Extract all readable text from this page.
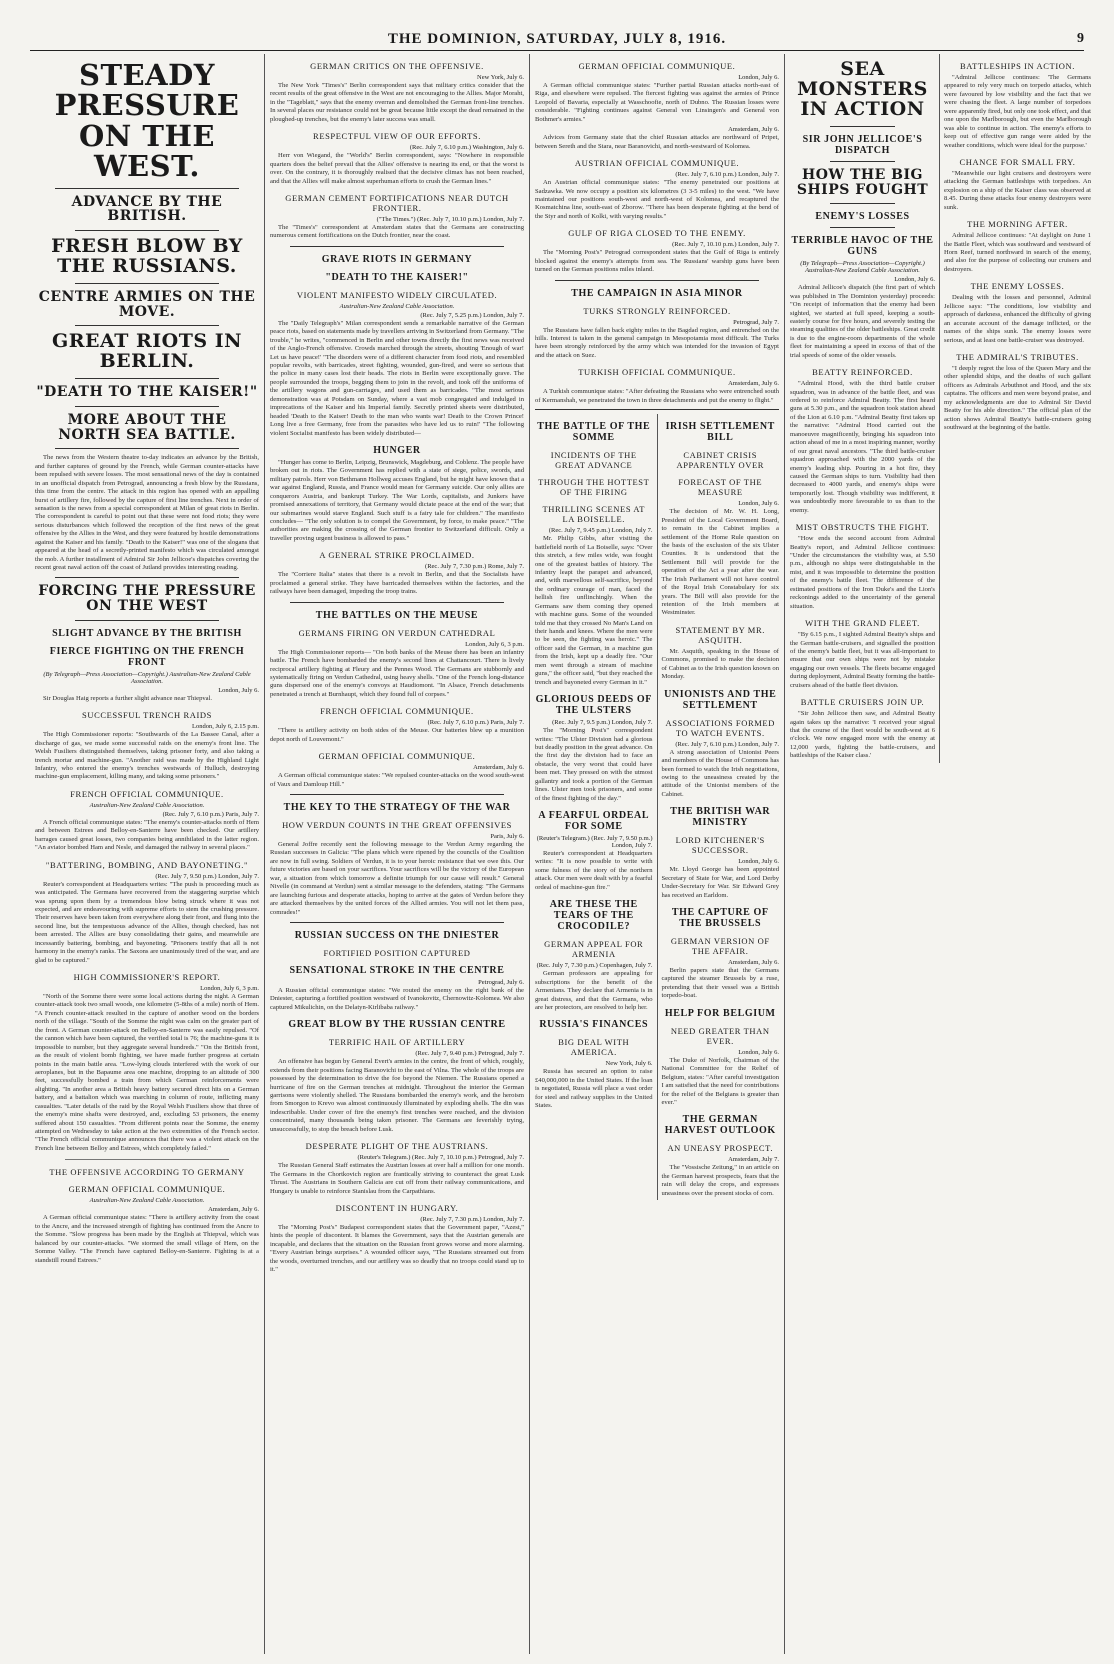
THE DOMINION, SATURDAY, JULY 8, 1916.	9
STEADY PRESSURE ON THE WEST.
ADVANCE BY THE BRITISH.
FRESH BLOW BY THE RUSSIANS.
CENTRE ARMIES ON THE MOVE.
GREAT RIOTS IN BERLIN.
"DEATH TO THE KAISER!"
MORE ABOUT THE NORTH SEA BATTLE.

The news from the Western theatre to-day indicates an advance by the British, and further captures of ground by the French, while German counter-attacks have been repulsed with severe losses. The most sensational news of the day is contained in an unofficial dispatch from Petrograd, announcing a fresh blow by the Russians, this time from the centre. The attack in this region has opened with an appalling burst of artillery fire, followed by the capture of first line trenches. Next in order of sensation is the news from a special correspondent at Milan of great riots in Berlin. The correspondent is careful to point out that these were not food riots; they were serious disturbances which followed the reception of the first news of the great offensive by the Allies in the West, and they were featured by hostile demonstrations against the Kaiser and his family. "Death to the Kaiser!" was one of the slogans that appeared at the head of a secretly-printed manifesto which was circulated amongst the mob. A further installment of Admiral Sir John Jellicoe's dispatches covering the recent great naval action off the coast of Jutland provides interesting reading.

FORCING THE PRESSURE ON THE WEST
SLIGHT ADVANCE BY THE BRITISH
FIERCE FIGHTING ON THE FRENCH FRONT
(By Telegraph—Press Association—Copyright.) Australian-New Zealand Cable Association.
London, July 6.

Sir Douglas Haig reports a further slight advance near Thiepval.

SUCCESSFUL TRENCH RAIDS
London, July 6, 2.15 p.m.

The High Commissioner reports: "Southwards of the La Bassee Canal, after a discharge of gas, we made some successful raids on the enemy's front line. The Welsh Fusiliers distinguished themselves, taking prisoner forty, and also taking a trench mortar and machine-gun. "Another raid was made by the Highland Light Infantry, who entered the enemy's trenches westwards of Hulluch, destroying machine-gun emplacement, killing many, and taking some prisoners."

FRENCH OFFICIAL COMMUNIQUE.
Australian-New Zealand Cable Association.
(Rec. July 7, 6.10 p.m.) Paris, July 7.

A French official communique states: "The enemy's counter-attacks north of Hem and between Estrees and Belloy-en-Santerre have been checked. Our artillery barrages caused great losses, two companies being annihilated in the latter region. "An aviator bombed Ham and Nesle, and damaged the railway in several places."

"BATTERING, BOMBING, AND BAYONETING."
(Rec. July 7, 9.50 p.m.) London, July 7.

Reuter's correspondent at Headquarters writes: "The push is proceeding much as was anticipated. The Germans have recovered from the staggering surprise which was sprung upon them by a tremendous blow being struck where it was not expected, and are endeavouring with supreme efforts to stem the crushing pressure. Their reserves have been taken from everywhere along their front, and flung into the second line, but the tempestuous advance of the Allies, though checked, has not been arrested. The Allies are busy consolidating their gains, and meanwhile are incessantly battering, bombing, and bayoneting. "Prisoners testify that all is not harmony in the enemy's ranks. The Saxons are unanimously tired of the war, and are glad to be captured."

HIGH COMMISSIONER'S REPORT.
London, July 6, 3 p.m.

"North of the Somme there were some local actions during the night. A German counter-attack took two small woods, one kilometre (5-8ths of a mile) north of Hem. "A French counter-attack resulted in the capture of another wood on the borders north of the village. "South of the Somme the night was calm on the greater part of the front. A German counter-attack on Belloy-en-Santerre was easily repulsed. "Of the cannon which have been captured, the verified total is 76; the machine-guns it is impossible to number, but they aggregate several hundreds." "On the British front, as the result of violent bomb fighting, we have made further progress at certain points in the main battle area. "Low-lying clouds interfered with the work of our aeroplanes, but in the Bapaume area one machine, dropping to an altitude of 300 feet, successfully bombed a train from which German reinforcements were alighting. "In another area a British heavy battery secured direct hits on a German battery, and a battalion which was marching in column of route, inflicting many casualties. "Later details of the raid by the Royal Welsh Fusiliers show that three of the enemy's mine shafts were destroyed, and, excluding 53 prisoners, the enemy suffered about 150 casualties. "From different points near the Somme, the enemy attempted on Wednesday to take action at the two extremities of the French sector. "The French official communique announces that there was a violent attack on the French line between Belloy and Estrees, which completely failed."

THE OFFENSIVE ACCORDING TO GERMANY
GERMAN OFFICIAL COMMUNIQUE.
Australian-New Zealand Cable Association.
Amsterdam, July 6.

A German official communique states: "There is artillery activity from the coast to the Ancre, and the increased strength of fighting has continued from the Ancre to the Somme. "Slow progress has been made by the English at Thiepval, which was balanced by our counter-attacks. "We stormed the small village of Hem, on the Somme Valley. "The French have captured Belloy-en-Santerre. Fighting is at a standstill round Estrees."

GERMAN CRITICS ON THE OFFENSIVE.
New York, July 6.

The New York "Times's" Berlin correspondent says that military critics consider that the recent results of the great offensive in the West are not encouraging to the Allies. Major Moraht, in the "Tageblatt," says that the enemy overran and demolished the German front-line trenches. In several places our resistance could not be great because little except the dead remained in the ploughed-up trenches, but the enemy's later success was small.

RESPECTFUL VIEW OF OUR EFFORTS.
(Rec. July 7, 6.10 p.m.) Washington, July 6.

Herr von Wiegand, the "World's" Berlin correspondent, says: "Nowhere in responsible quarters does the belief prevail that the Allies' offensive is nearing its end, or that the worst is over. On the contrary, it is thoroughly realised that the decisive climax has not been reached, and that the Allies will make almost superhuman efforts to crush the German lines."

GERMAN CEMENT FORTIFICATIONS NEAR DUTCH FRONTIER.
("The Times.") (Rec. July 7, 10.10 p.m.) London, July 7.

The "Times's" correspondent at Amsterdam states that the Germans are constructing numerous cement fortifications on the Dutch frontier, near the coast.

GRAVE RIOTS IN GERMANY
"DEATH TO THE KAISER!"
VIOLENT MANIFESTO WIDELY CIRCULATED.
Australian-New Zealand Cable Association.
(Rec. July 7, 5.25 p.m.) London, July 7.

The "Daily Telegraph's" Milan correspondent sends a remarkable narrative of the German peace riots, based on statements made by travellers arriving in Switzerland from Germany. "The trouble," he writes, "commenced in Berlin and other towns directly the first news was received of the Anglo-French offensive. Crowds marched through the streets, shouting 'Enough of war! Let us have peace!' "The disorders were of a different character from food riots, and resembled popular revolts, with barricades, street fighting, wounded, gun-fired, and were so serious that the police in many cases lost their heads. The riots in Berlin were exceptionally grave. The people surrounded the troops, begging them to join in the revolt, and took off the uniforms of the artillery wagons and gun-carriages, and used them as barricades. "The most serious demonstration was at Potsdam on Sunday, where a vast mob congregated and indulged in imprecations of the Kaiser and his Imperial family. Secretly printed sheets were distributed, headed 'Death to the Kaiser! Death to the man who wants war! Death to the Crown Prince! Long live a free Germany, free from the parasites who have led us to ruin!' "The following violent Socialist manifesto has been widely distributed—

HUNGER

"Hunger has come to Berlin, Leipzig, Brunswick, Magdeburg, and Coblenz. The people have broken out in riots. The Government has replied with a state of siege, police, swords, and military patrols. Herr von Bethmann Hollweg accuses England, but he might have known that a war against England, Russia, and France would mean for Germany suicide. Our only allies are conquerors Austria, and bankrupt Turkey. The War Lords, capitalists, and Junkers have promised annexations of territory, that Germany would dictate peace at the end of the war; that our submarines would starve England. Such stuff is a fairy tale for children." The manifesto concludes— "The only solution is to compel the Government, by force, to make peace." "The authorities are making the crossing of the German frontier to Switzerland difficult. Only a traveller proving urgent business is allowed to pass."

A GENERAL STRIKE PROCLAIMED.
(Rec. July 7, 7.30 p.m.) Rome, July 7.

The "Corriere Italia" states that there is a revolt in Berlin, and that the Socialists have proclaimed a general strike. They have barricaded themselves within the factories, and the railways have been damaged, impeding the troop trains.

THE BATTLES ON THE MEUSE
GERMANS FIRING ON VERDUN CATHEDRAL
London, July 6, 3 p.m.

The High Commissioner reports— "On both banks of the Meuse there has been an infantry battle. The French have bombarded the enemy's second lines at Chattancourt. There is lively reciprocal artillery fighting at Fleury and the Pennes Wood. The Germans are stubbornly and systematically firing on Verdun Cathedral, using heavy shells. "One of the French long-distance guns dispersed one of the enemy's convoys at Haudiomont. "In Alsace, French detachments penetrated a trench at Burnhaupt, which they found full of corpses."

FRENCH OFFICIAL COMMUNIQUE.
(Rec. July 7, 6.10 p.m.) Paris, July 7.

"There is artillery activity on both sides of the Meuse. Our batteries blew up a munition depot north of Louvemont."

GERMAN OFFICIAL COMMUNIQUE.
Amsterdam, July 6.

A German official communique states: "We repulsed counter-attacks on the wood south-west of Vaux and Damloup Hill."

THE KEY TO THE STRATEGY OF THE WAR
HOW VERDUN COUNTS IN THE GREAT OFFENSIVES
Paris, July 6.

General Joffre recently sent the following message to the Verdun Army regarding the Russian successes in Galicia: "The plans which were ripened by the councils of the Coalition are now in full swing. Soldiers of Verdun, it is to your heroic resistance that we owe this. Our future victories are based on your sacrifices. Your sacrifices will be the victory of the European war, a situation from which tomorrow a definite triumph for our cause will result." General Nivelle (in command at Verdun) sent a similar message to the defenders, stating: "The Germans are launching furious and desperate attacks, hoping to arrive at the gates of Verdun before they are attacked themselves by the united forces of the Allied armies. You will not let them pass, comrades!"

RUSSIAN SUCCESS ON THE DNIESTER
FORTIFIED POSITION CAPTURED
SENSATIONAL STROKE IN THE CENTRE
Petrograd, July 6.

A Russian official communique states: "We routed the enemy on the right bank of the Dniester, capturing a fortified position westward of Ivanokovitz, Chernowitz-Kolomea. We also captured Mikulichin, on the Delatyn-Kirlibaba railway."

GREAT BLOW BY THE RUSSIAN CENTRE
TERRIFIC HAIL OF ARTILLERY
(Rec. July 7, 9.40 p.m.) Petrograd, July 7.

An offensive has begun by General Evert's armies in the centre, the front of which, roughly, extends from their positions facing Baranovichi to the east of Vilna. The whole of the troops are possessed by the determination to drive the foe beyond the Niemen. The Russians opened a hurricane of fire on the German trenches at midnight. Throughout the interior the German garrisons were violently shelled. The Russians bombarded the enemy's work, and the heroism from Smorgon to Krevo was almost continuously illuminated by exploding shells. The din was indescribable. Under cover of fire the enemy's first trenches were reached, and the division concentrated, many thousands being taken prisoner. The Germans are feverishly trying, unsuccessfully, to stop the breach before Lusk.

DESPERATE PLIGHT OF THE AUSTRIANS.
(Reuter's Telegram.) (Rec. July 7, 10.10 p.m.) Petrograd, July 7.

The Russian General Staff estimates the Austrian losses at over half a million for one month. The Germans in the Chortkovich region are frantically striving to counteract the great Lusk Thrust. The Austrians in Southern Galicia are cut off from their railway communications, and Hungary is unable to reinforce Stanislau from the Carpathians.

DISCONTENT IN HUNGARY.
(Rec. July 7, 7.30 p.m.) London, July 7.

The "Morning Post's" Budapest correspondent states that the Government paper, "Azest," hints the people of discontent. It blames the Government, says that the Austrian generals are incapable, and declares that the situation on the Russian front grows worse and more alarming. "Every Austrian brings surprises." A wounded officer says, "The Russians streamed out from the woods, overturned trenches, and our artillery was so deadly that no troops could stand up to it."

GERMAN OFFICIAL COMMUNIQUE.
London, July 6.

A German official communique states: "Further partial Russian attacks north-east of Riga, and elsewhere were repulsed. The fiercest fighting was against the armies of Prince Leopold of Bavaria, especially at Wasschoofie, north of Dubno. The Russian losses were considerable. "Fighting continues against General von Linsingen's and General von Bothmer's armies."

Amsterdam, July 6.

Advices from Germany state that the chief Russian attacks are northward of Pripet, between Sereth and the Stara, near Baranovichi, and north-westward of Kolomea.

AUSTRIAN OFFICIAL COMMUNIQUE.
(Rec. July 7, 6.10 p.m.) London, July 7.

An Austrian official communique states: "The enemy penetrated our positions at Sadzawka. We now occupy a position six kilometres (3 3-5 miles) to the west. "We have maintained our positions south-west and north-west of Kolomea, and recaptured the Kosmatchina line, south-east of Zborow. "There has been desperate fighting at the bend of the Styr and north of Kolki, with varying results."

GULF OF RIGA CLOSED TO THE ENEMY.
(Rec. July 7, 10.10 p.m.) London, July 7.

The "Morning Post's" Petrograd correspondent states that the Gulf of Riga is entirely blocked against the enemy's attempts from sea. The Russians' warship guns have been turned on the German positions miles inland.

THE CAMPAIGN IN ASIA MINOR
TURKS STRONGLY REINFORCED.
Petrograd, July 7.

The Russians have fallen back eighty miles in the Bagdad region, and entrenched on the hills. Interest is taken in the general campaign in Mesopotamia most difficult. The Turks have been strongly reinforced by the army which was intended for the invasion of Egypt and the attack on Suez.

TURKISH OFFICIAL COMMUNIQUE.
Amsterdam, July 6.

A Turkish communique states: "After defeating the Russians who were entrenched south of Kermanshah, we penetrated the town in three detachments and put the enemy to flight."

THE BATTLE OF THE SOMME
INCIDENTS OF THE GREAT ADVANCE
THROUGH THE HOTTEST OF THE FIRING
THRILLING SCENES AT LA BOISELLE.
(Rec. July 7, 9.45 p.m.) London, July 7.

Mr. Philip Gibbs, after visiting the battlefield north of La Boiselle, says: "Over this stretch, a few miles wide, was fought one of the greatest battles of history. The infantry leapt the parapet and advanced, and, with marvellous self-sacrifice, beyond the ordinary courage of man, faced the hellish fire unflinchingly. When the Germans saw them coming they opened with machine guns. Some of the wounded told me that they crossed No Man's Land on their hands and knees. Where the men were to be seen, the fighting was heroic." The officer said the German, in a machine gun from the Irish, kept up a deadly fire. "Our men went through a stream of machine guns," the officer said, "but they reached the trench and bayoneted every German in it."

GLORIOUS DEEDS OF THE ULSTERS
(Rec. July 7, 9.5 p.m.) London, July 7.

The "Morning Post's" correspondent writes: "The Ulster Division had a glorious but deadly position in the great advance. On the first day the division had to face an obstacle, the very worst that could have been met. They pressed on with the utmost gallantry and took a portion of the German lines. Ulster men took prisoners, and some of the finest fighting of the day."

A FEARFUL ORDEAL FOR SOME
(Reuter's Telegram.) (Rec. July 7, 9.50 p.m.) London, July 7.

Reuter's correspondent at Headquarters writes: "It is now possible to write with some fulness of the story of the northern attack. Our men were dealt with by a fearful ordeal of machine-gun fire."

ARE THESE THE TEARS OF THE CROCODILE?
GERMAN APPEAL FOR ARMENIA
(Rec. July 7, 7.30 p.m.) Copenhagen, July 7.

German professors are appealing for subscriptions for the benefit of the Armenians. They declare that Armenia is in great distress, and that the Germans, who are her protectors, are resolved to help her.

RUSSIA'S FINANCES
BIG DEAL WITH AMERICA.
New York, July 6.

Russia has secured an option to raise £40,000,000 in the United States. If the loan is negotiated, Russia will place a vast order for steel and railway supplies in the United States.

IRISH SETTLEMENT BILL
CABINET CRISIS APPARENTLY OVER
FORECAST OF THE MEASURE
London, July 6.

The decision of Mr. W. H. Long, President of the Local Government Board, to remain in the Cabinet implies a settlement of the Home Rule question on the basis of the exclusion of the six Ulster Counties. It is understood that the Settlement Bill will provide for the operation of the Act a year after the war. The Irish Parliament will not have control of the Royal Irish Constabulary for six years. The Bill will also provide for the retention of the Irish members at Westminster.

STATEMENT BY MR. ASQUITH.

Mr. Asquith, speaking in the House of Commons, promised to make the decision of Cabinet as to the Irish question known on Monday.

UNIONISTS AND THE SETTLEMENT
ASSOCIATIONS FORMED TO WATCH EVENTS.
(Rec. July 7, 6.10 p.m.) London, July 7.

A strong association of Unionist Peers and members of the House of Commons has been formed to watch the Irish negotiations, owing to the uneasiness created by the attitude of the Unionist members of the Cabinet.

THE BRITISH WAR MINISTRY
LORD KITCHENER'S SUCCESSOR.
London, July 6.

Mr. Lloyd George has been appointed Secretary of State for War, and Lord Derby Under-Secretary for War. Sir Edward Grey has received an Earldom.

THE CAPTURE OF THE BRUSSELS
GERMAN VERSION OF THE AFFAIR.
Amsterdam, July 6.

Berlin papers state that the Germans captured the steamer Brussels by a ruse, pretending that their vessel was a British torpedo-boat.

HELP FOR BELGIUM
NEED GREATER THAN EVER.
London, July 6.

The Duke of Norfolk, Chairman of the National Committee for the Relief of Belgium, states: "After careful investigation I am satisfied that the need for contributions for the relief of the Belgians is greater than ever."

THE GERMAN HARVEST OUTLOOK
AN UNEASY PROSPECT.
Amsterdam, July 7.

The "Vossische Zeitung," in an article on the German harvest prospects, fears that the rain will delay the crops, and expresses uneasiness over the present stocks of corn.

SEA MONSTERS IN ACTION
SIR JOHN JELLICOE'S DISPATCH
HOW THE BIG SHIPS FOUGHT
ENEMY'S LOSSES
TERRIBLE HAVOC OF THE GUNS
(By Telegraph—Press Association—Copyright.) Australian-New Zealand Cable Association.
London, July 6.

Admiral Jellicoe's dispatch (the first part of which was published in The Dominion yesterday) proceeds: "On receipt of information that the enemy had been sighted, we started at full speed, keeping a south-easterly course for five hours, and severely testing the steaming qualities of the older battleships. Great credit is due to the engine-room departments of the whole fleet for maintaining a speed in excess of that of the trial speeds of some of the older vessels.

BEATTY REINFORCED.

"Admiral Hood, with the third battle cruiser squadron, was in advance of the battle fleet, and was ordered to reinforce Admiral Beatty. The first heard guns at 5.30 p.m., and the squadron took station ahead of the Lion at 6.10 p.m. "Admiral Beatty first takes up the narrative: "Admiral Hood carried out the manoeuvre magnificently, bringing his squadron into action ahead of me in a most inspiring manner, worthy of our great naval ancestors. "The third battle-cruiser squadron approached with the 2000 yards of the enemy's leading ship. Pouring in a hot fire, they caused the German ships to turn. Visibility had then decreased to 4000 yards, and enemy's ships were temporarily lost. Though visibility was indifferent, it was undoubtedly more favourable to us than to the enemy.

MIST OBSTRUCTS THE FIGHT.

"How ends the second account from Admiral Beatty's report, and Admiral Jellicoe continues: "Under the circumstances the visibility was, at 5.50 p.m., although no ships were distinguishable in the mist, and it was impossible to determine the position of the enemy's battle fleet. The difference of the estimated positions of the Iron Duke's and the Lion's reckonings added to the uncertainty of the general situation.

WITH THE GRAND FLEET.

"By 6.15 p.m., I sighted Admiral Beatty's ships and the German battle-cruisers, and signalled the position of the enemy's battle fleet, but it was all-important to ensure that our own ships were not by mistake engaging our own vessels. The fleets became engaged during deployment, Admiral Beatty forming the battle-cruisers ahead of the battle fleet division.

BATTLE CRUISERS JOIN UP.

"Sir John Jellicoe then saw, and Admiral Beatty again takes up the narrative: 'I received your signal that the course of the fleet would be south-west at 6 o'clock. We now engaged more with the enemy at 12,000 yards, fighting the battle-cruisers, and battleships of the Kaiser class.'

BATTLESHIPS IN ACTION.

"Admiral Jellicoe continues: 'The Germans appeared to rely very much on torpedo attacks, which were favoured by low visibility and the fact that we were chasing the fleet. A large number of torpedoes were apparently fired, but only one took effect, and that one upon the Marlborough, but even the Marlborough was able to continue in action. The enemy's efforts to keep out of effective gun range were aided by the weather conditions, which were ideal for the purpose.'

CHANCE FOR SMALL FRY.

"Meanwhile our light cruisers and destroyers were attacking the German battleships with torpedoes. An explosion on a ship of the Kaiser class was observed at 8.45. During these attacks four enemy destroyers were sunk.

THE MORNING AFTER.

Admiral Jellicoe continues: "At daylight on June 1 the Battle Fleet, which was southward and westward of Horn Reef, turned northward in search of the enemy, and also for the purpose of collecting our cruisers and destroyers.

THE ENEMY LOSSES.

Dealing with the losses and personnel, Admiral Jellicoe says: "The conditions, low visibility and approach of darkness, enhanced the difficulty of giving an accurate account of the damage inflicted, or the names of the ships sunk. The enemy losses were serious, and at least one battle-cruiser was destroyed.

THE ADMIRAL'S TRIBUTES.

"I deeply regret the loss of the Queen Mary and the other splendid ships, and the deaths of such gallant officers as Admirals Arbuthnot and Hood, and the six captains. The officers and men were beyond praise, and my acknowledgments are due to Admiral Sir David Beatty for his able direction." The official plan of the action shows Admiral Beatty's battle-cruisers going southward at the beginning of the battle.
